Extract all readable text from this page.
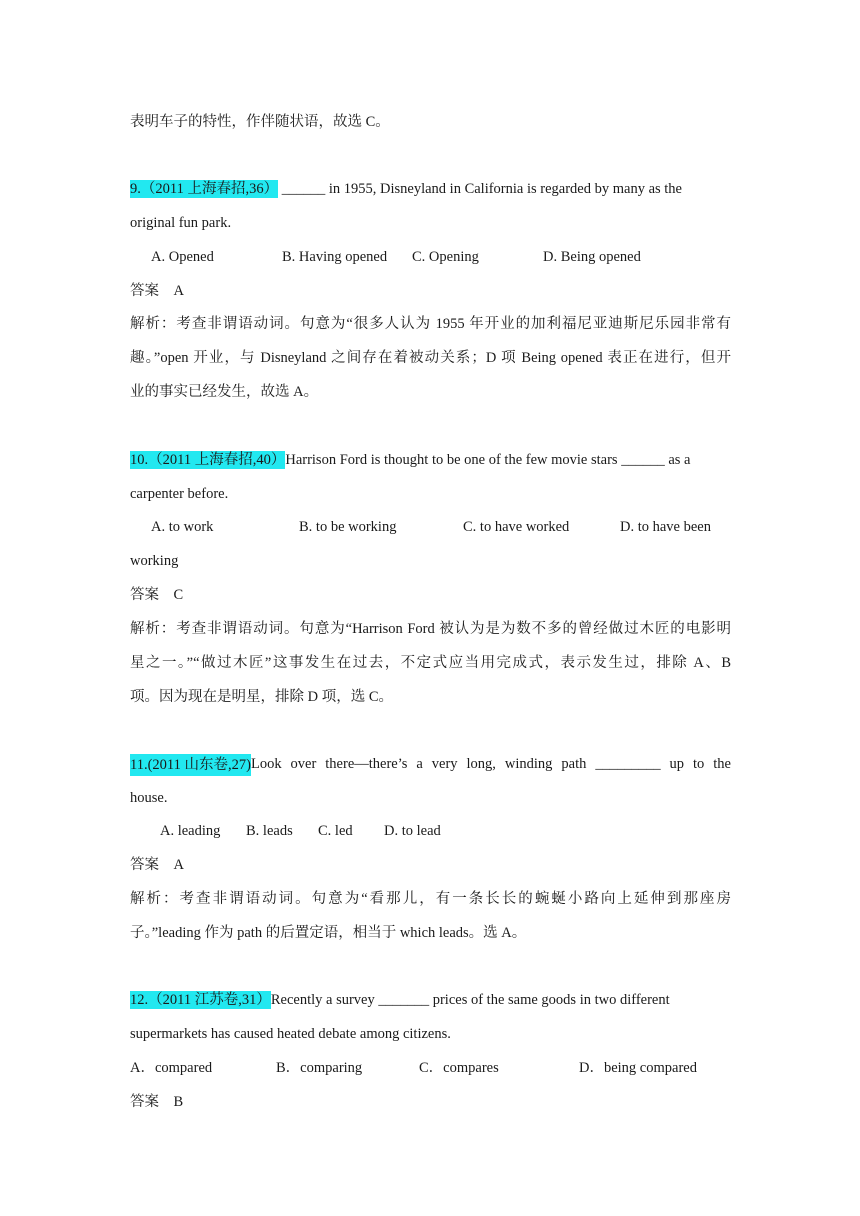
表明车子的特性，作伴随状语，故选 C。
9.（2011 上海春招,36） ______ in 1955, Disneyland in California is regarded by many as the
original fun park.
A. Opened	B. Having opened C. Opening	D. Being opened
答案　A
解析：考查非谓语动词。句意为“很多人认为 1955 年开业的加利福尼亚迪斯尼乐园非常有
趣。”open 开业，与 Disneyland 之间存在着被动关系；D 项 Being opened 表正在进行，但开
业的事实已经发生，故选 A。
10.（2011 上海春招,40）Harrison Ford is thought to be one of the few movie stars ______ as a
carpenter before.
A. to work	B. to be working	C. to have worked	D. to have been
working
答案　C
解析：考查非谓语动词。句意为“Harrison Ford 被认为是为数不多的曾经做过木匠的电影明
星之一。”“做过木匠”这事发生在过去，不定式应当用完成式，表示发生过，排除 A、B
项。因为现在是明星，排除 D 项，选 C。
11.(2011 山东卷,27) Look over there—there’s a very long, winding path _________ up to the
house.
A. leading B. leads C. led D. to lead
答案　A
解析：考查非谓语动词。句意为“看那儿，有一条长长的蜿蜒小路向上延伸到那座房
子。”leading 作为 path 的后置定语，相当于 which leads。选 A。
12.（2011 江苏卷,31）Recently a survey _______ prices of the same goods in two different
supermarkets has caused heated debate among citizens.
A．compared	B．comparing	C．compares	D．being compared
答案　B
